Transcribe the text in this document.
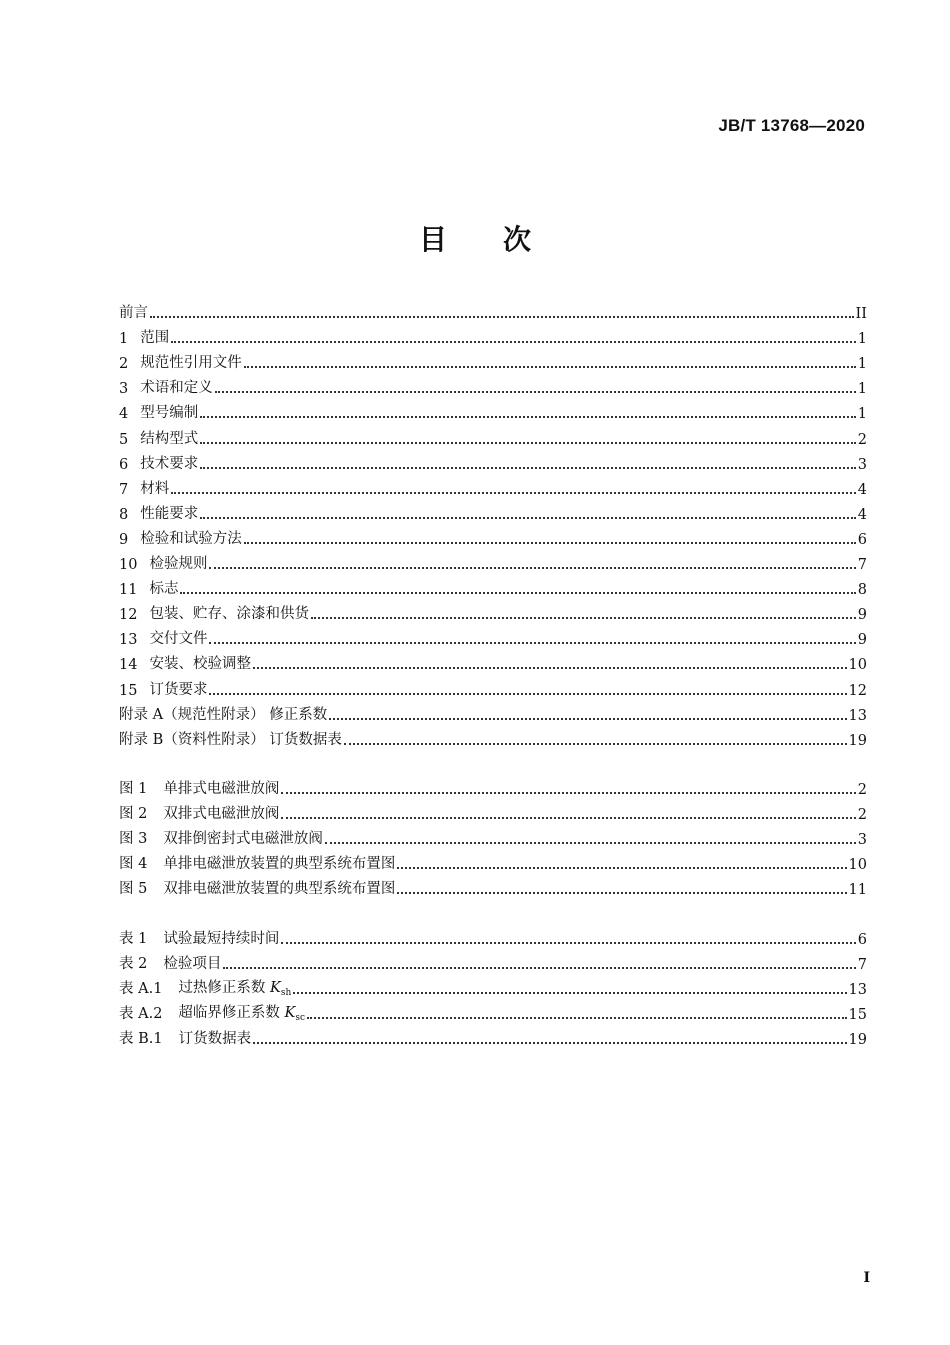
JB/T 13768—2020
目次
前言	II
1 范围	1
2 规范性引用文件	1
3 术语和定义	1
4 型号编制	1
5 结构型式	2
6 技术要求	3
7 材料	4
8 性能要求	4
9 检验和试验方法	6
10 检验规则	7
11 标志	8
12 包装、贮存、涂漆和供货	9
13 交付文件	9
14 安装、校验调整	10
15 订货要求	12
附录 A （规范性附录） 修正系数	13
附录 B （资料性附录） 订货数据表	19
图 1 单排式电磁泄放阀	2
图 2 双排式电磁泄放阀	2
图 3 双排倒密封式电磁泄放阀	3
图 4 单排电磁泄放装置的典型系统布置图	10
图 5 双排电磁泄放装置的典型系统布置图	11
表 1 试验最短持续时间	6
表 2 检验项目	7
表 A.1 过热修正系数 $K_{sh}$	13
表 A.2 超临界修正系数 $K_{sc}$	15
表 B.1 订货数据表	19
I
